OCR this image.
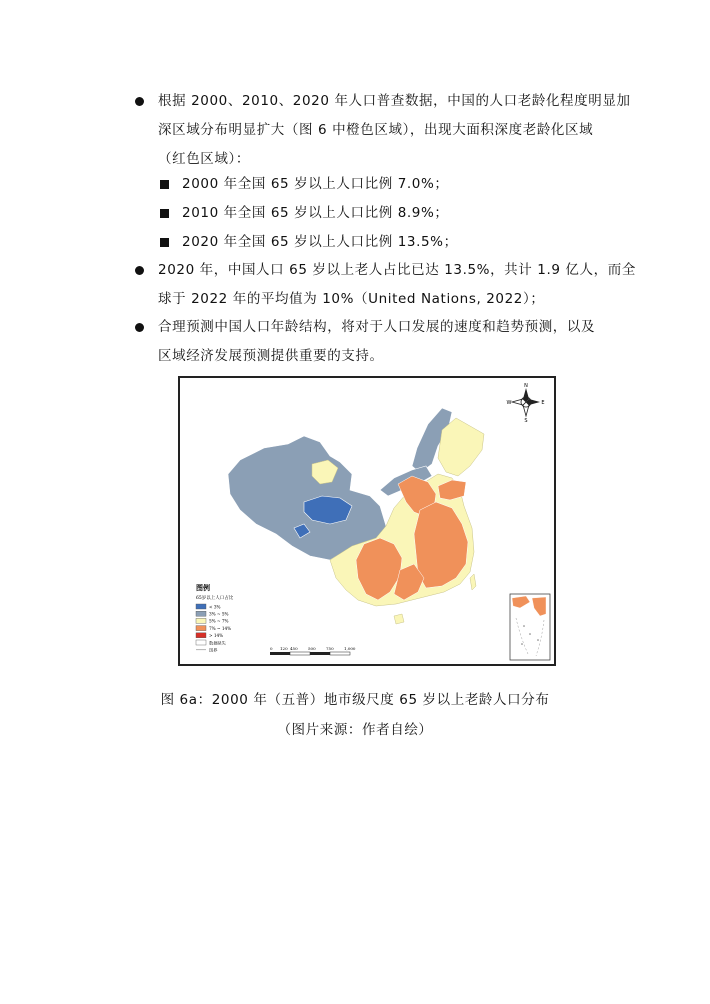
根据 2000、2010、2020 年人口普查数据，中国的人口老龄化程度明显加
深区域分布明显扩大（图 6 中橙色区域），出现大面积深度老龄化区域
（红色区域）：
2000 年全国 65 岁以上人口比例 7.0%；
2010 年全国 65 岁以上人口比例 8.9%；
2020 年全国 65 岁以上人口比例 13.5%；
2020 年，中国人口 65 岁以上老人占比已达 13.5%，共计 1.9 亿人，而全
球于 2022 年的平均值为 10%（United Nations, 2022）；
合理预测中国人口年龄结构，将对于人口发展的速度和趋势预测，以及
区域经济发展预测提供重要的支持。
N
S
E
W
0 120 450	500	750	1,000
图例
65岁以上人口占比
< 3%
3% ~ 5%
5% ~ 7%
7% ~ 14%
> 14%
数据缺失
国界
图 6a：2000 年（五普）地市级尺度 65 岁以上老龄人口分布
（图片来源：作者自绘）
